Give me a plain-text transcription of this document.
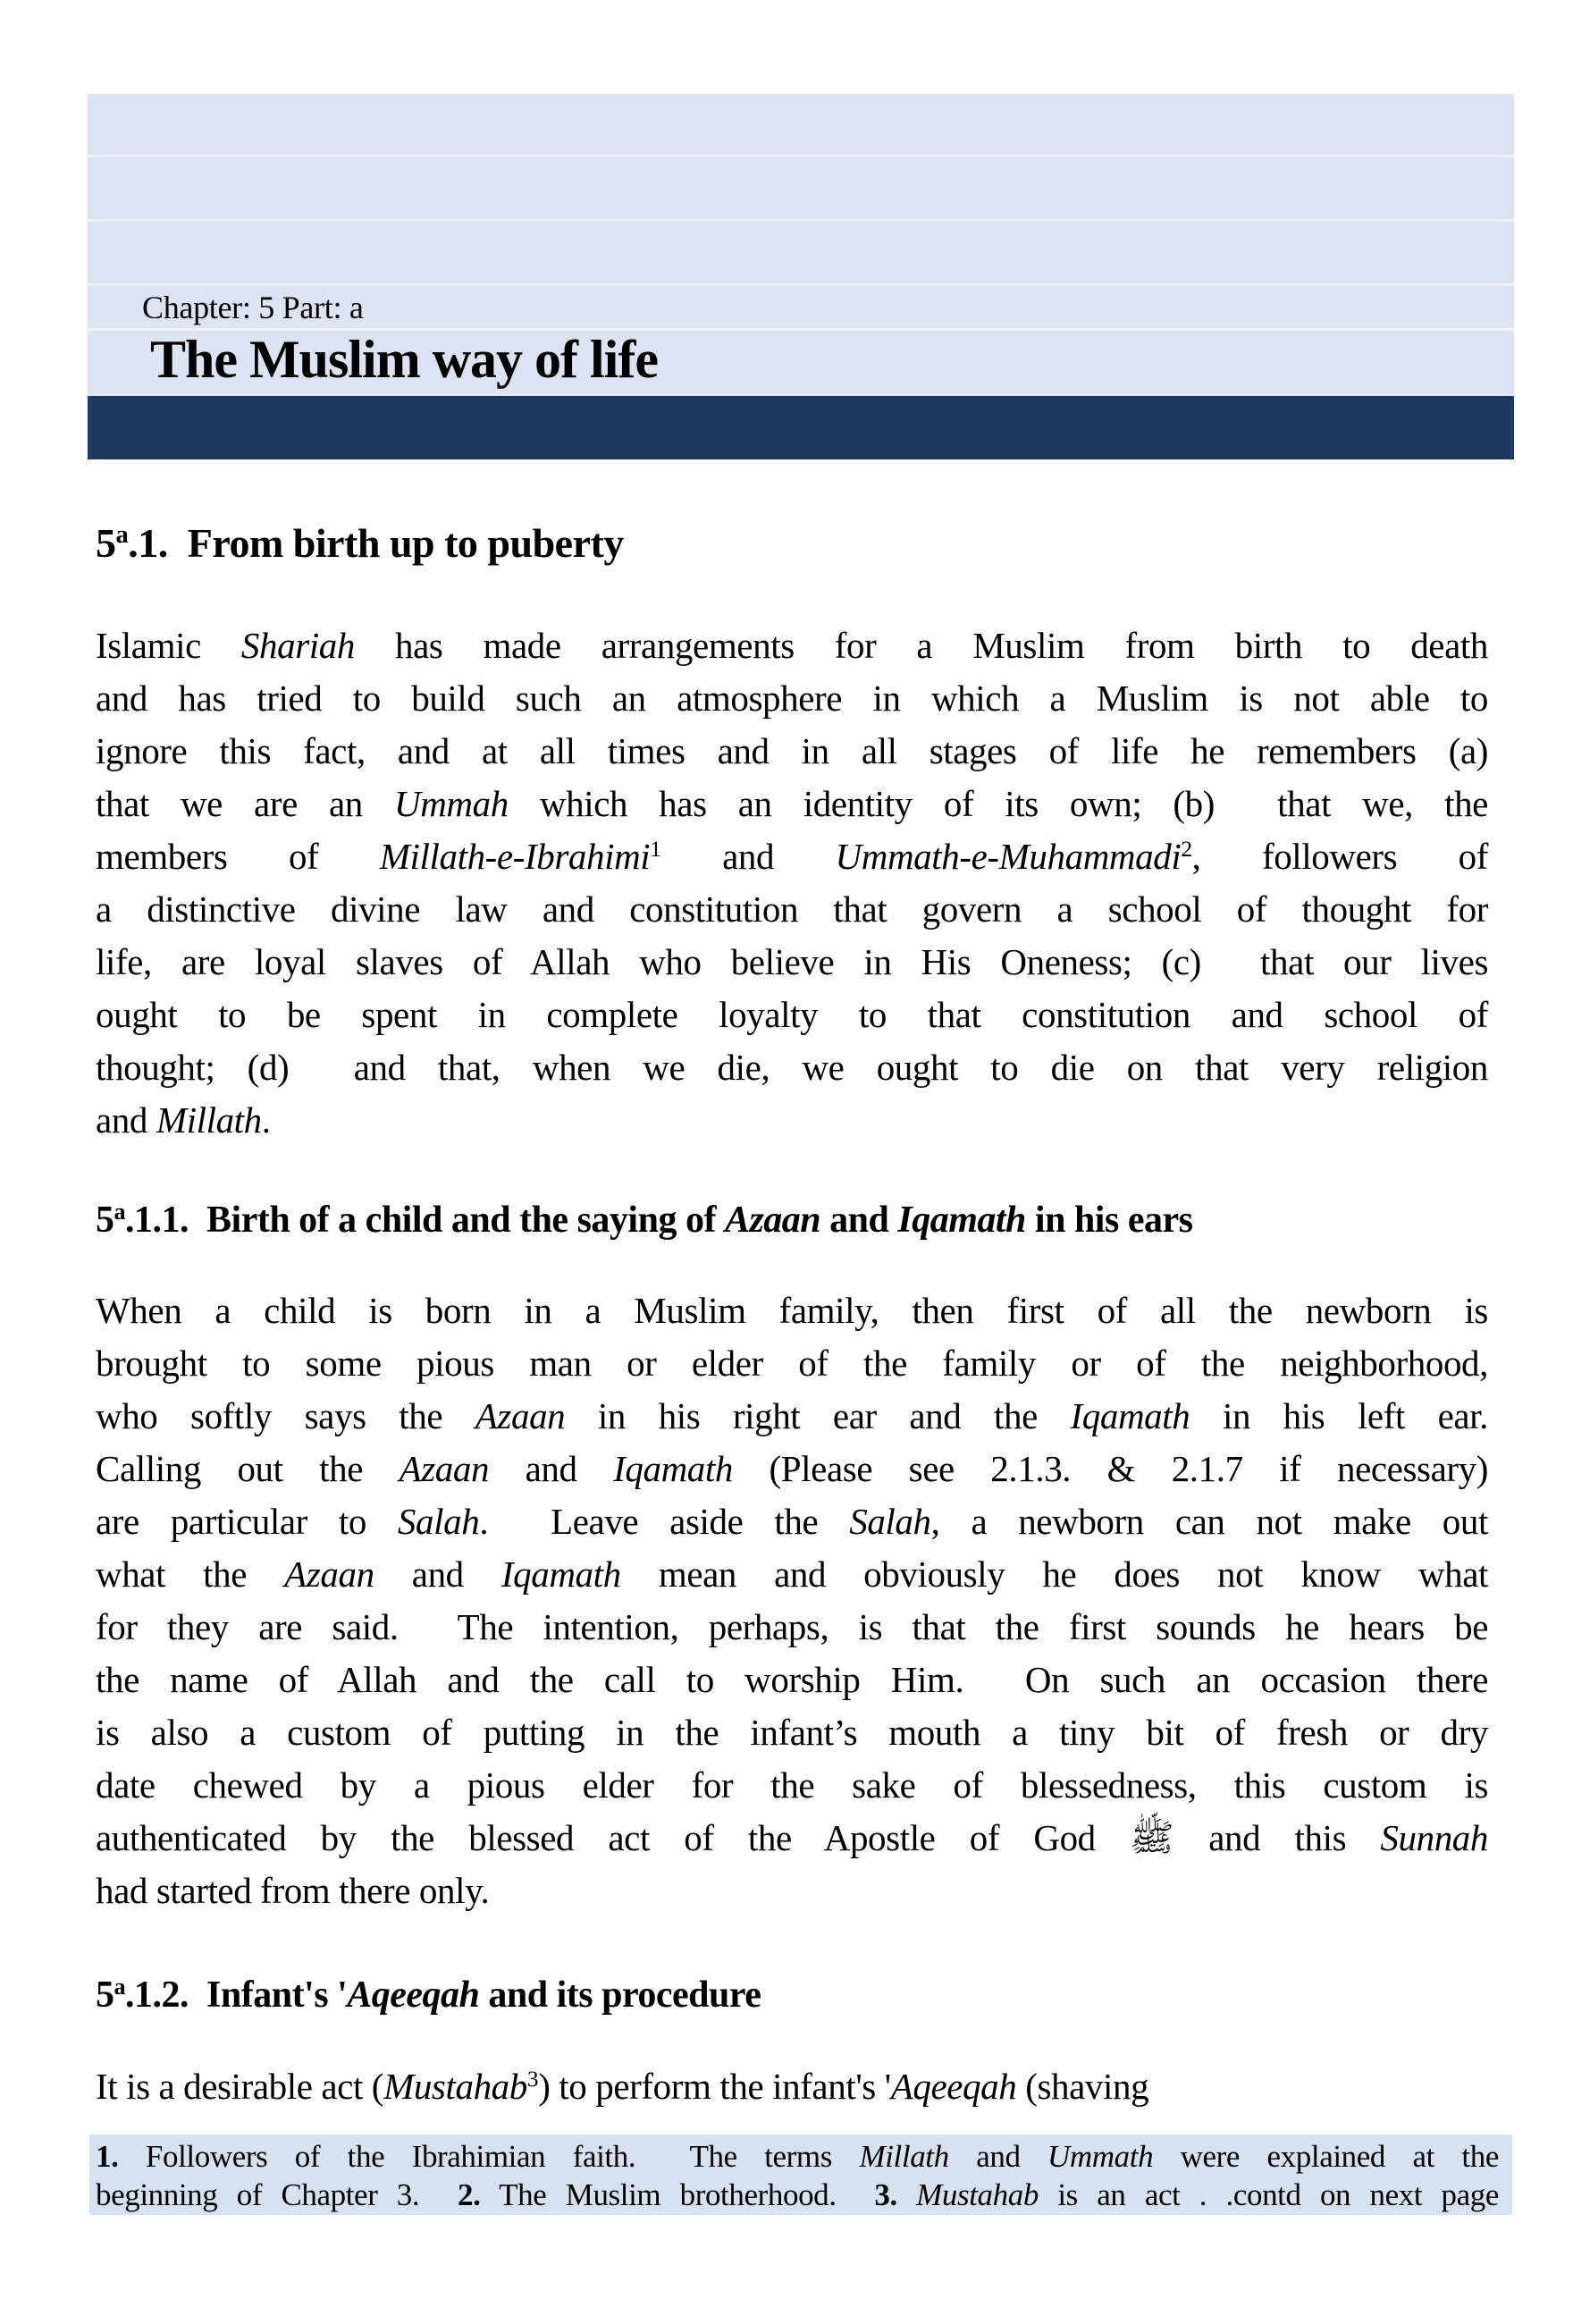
Chapter: 5 Part: a
The Muslim way of life
5$^a$.1.  From birth up to puberty
Islamic Shariah has made arrangements for a Muslim from birth to death
and has tried to build such an atmosphere in which a Muslim is not able to
ignore this fact, and at all times and in all stages of life he remembers (a)
that we are an Ummah which has an identity of its own; (b)  that we, the
members of Millath-e-Ibrahimi$^1$ and Ummath-e-Muhammadi$^2$, followers of
a distinctive divine law and constitution that govern a school of thought for
life, are loyal slaves of Allah who believe in His Oneness; (c)  that our lives
ought to be spent in complete loyalty to that constitution and school of
thought; (d)  and that, when we die, we ought to die on that very religion
and Millath.
5$^a$.1.1.  Birth of a child and the saying of Azaan and Iqamath in his ears
When a child is born in a Muslim family, then first of all the newborn is
brought to some pious man or elder of the family or of the neighborhood,
who softly says the Azaan in his right ear and the Iqamath in his left ear.
Calling out the Azaan and Iqamath (Please see 2.1.3. & 2.1.7 if necessary)
are particular to Salah.  Leave aside the Salah, a newborn can not make out
what the Azaan and Iqamath mean and obviously he does not know what
for they are said.  The intention, perhaps, is that the first sounds he hears be
the name of Allah and the call to worship Him.  On such an occasion there
is also a custom of putting in the infant’s mouth a tiny bit of fresh or dry
date chewed by a pious elder for the sake of blessedness, this custom is
authenticated by the blessed act of the Apostle of God ﷺ and this Sunnah
had started from there only.
5$^a$.1.2.  Infant's 'Aqeeqah and its procedure
It is a desirable act (Mustahab$^3$) to perform the infant's 'Aqeeqah (shaving
1. Followers of the Ibrahimian faith.  The terms Millath and Ummath were explained at the
beginning of Chapter 3.  2. The Muslim brotherhood.  3. Mustahab is an act . .contd on next page
